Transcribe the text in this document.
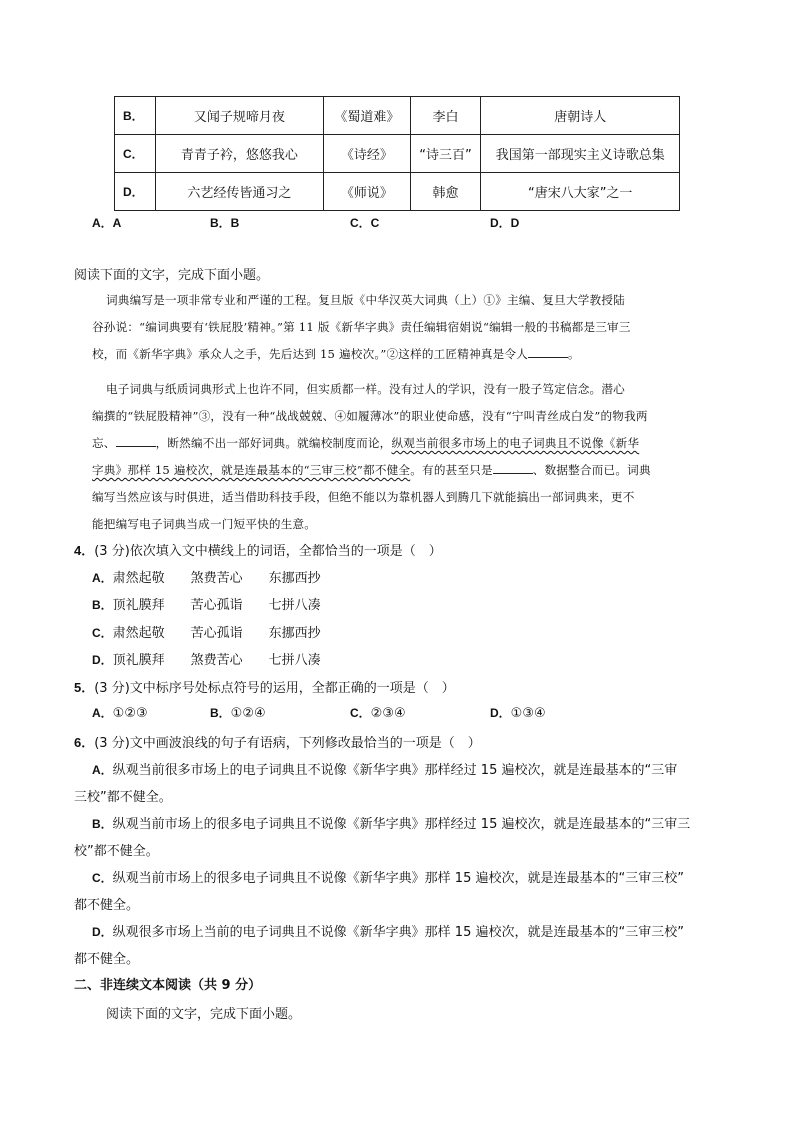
B．	又闻子规啼月夜	《蜀道难》	李白	唐朝诗人
C．	青青子衿，悠悠我心	《诗经》	“诗三百”	我国第一部现实主义诗歌总集
D．	六艺经传皆通习之	《师说》	韩愈	“唐宋八大家”之一
A．A	B．B	C．C	D．D
阅读下面的文字，完成下面小题。
词典编写是一项非常专业和严谨的工程。复旦版《中华汉英大词典（上）①》主编、复旦大学教授陆
谷孙说：“编词典要有‘铁屁股’精神。”第 11 版《新华字典》责任编辑宿娟说“编辑一般的书稿都是三审三
校，而《新华字典》承众人之手，先后达到 15 遍校次。”②这样的工匠精神真是令人	。
电子词典与纸质词典形式上也许不同，但实质都一样。没有过人的学识，没有一股子笃定信念。潜心
编撰的“铁屁股精神”③，没有一种“战战兢兢、④如履薄冰”的职业使命感，没有“宁叫青丝成白发”的物我两
忘、	，断然编不出一部好词典。就编校制度而论，纵观当前很多市场上的电子词典且不说像《新华
字典》那样 15 遍校次，就是连最基本的“三审三校”都不健全。有的甚至只是	、数据整合而已。词典
编写当然应该与时俱进，适当借助科技手段，但绝不能以为靠机器人到腾几下就能搞出一部词典来，更不
能把编写电子词典当成一门短平快的生意。
4．(3 分)依次填入文中横线上的词语，全都恰当的一项是（　）
A．肃然起敬　　煞费苦心　　东挪西抄
B．顶礼膜拜　　苦心孤诣　　七拼八凑
C．肃然起敬　　苦心孤诣　　东挪西抄
D．顶礼膜拜　　煞费苦心　　七拼八凑
5．(3 分)文中标序号处标点符号的运用，全都正确的一项是（　）
A．①②③	B．①②④	C．②③④	D．①③④
6．(3 分)文中画波浪线的句子有语病，下列修改最恰当的一项是（　）
A．纵观当前很多市场上的电子词典且不说像《新华字典》那样经过 15 遍校次，就是连最基本的“三审
三校”都不健全。
B．纵观当前市场上的很多电子词典且不说像《新华字典》那样经过 15 遍校次，就是连最基本的“三审三
校”都不健全。
C．纵观当前市场上的很多电子词典且不说像《新华字典》那样 15 遍校次，就是连最基本的“三审三校”
都不健全。
D．纵观很多市场上当前的电子词典且不说像《新华字典》那样 15 遍校次，就是连最基本的“三审三校”
都不健全。
二、非连续文本阅读（共 9 分）
阅读下面的文字，完成下面小题。
